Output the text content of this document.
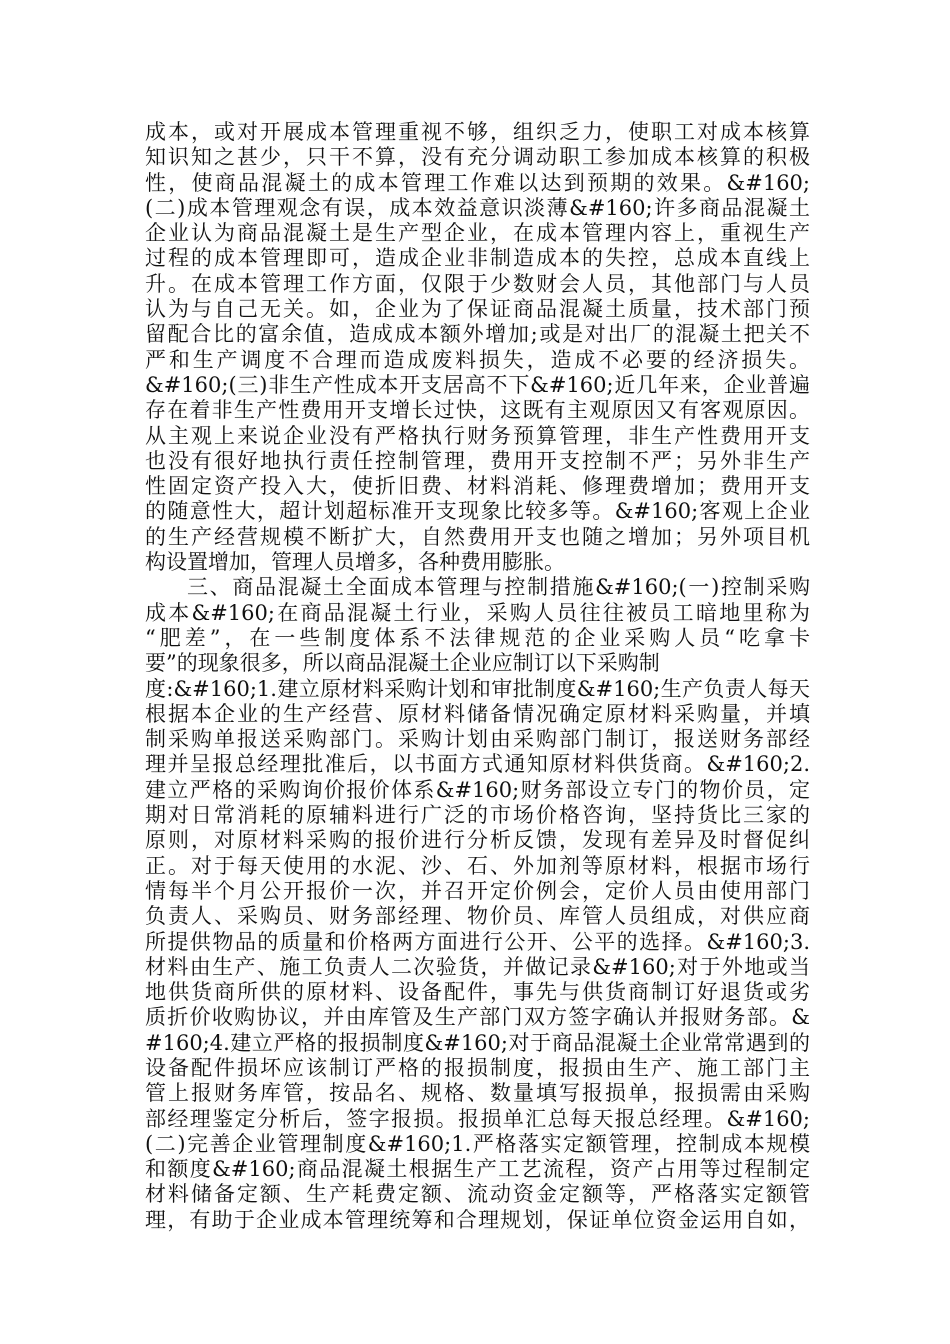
成本，或对开展成本管理重视不够，组织乏力，使职工对成本核算
知识知之甚少，只干不算，没有充分调动职工参加成本核算的积极
性，使商品混凝土的成本管理工作难以达到预期的效果。&#160;
(二)成本管理观念有误，成本效益意识淡薄&#160;许多商品混凝土
企业认为商品混凝土是生产型企业，在成本管理内容上，重视生产
过程的成本管理即可，造成企业非制造成本的失控，总成本直线上
升。在成本管理工作方面，仅限于少数财会人员，其他部门与人员
认为与自己无关。如，企业为了保证商品混凝土质量，技术部门预
留配合比的富余值，造成成本额外增加;或是对出厂的混凝土把关不
严和生产调度不合理而造成废料损失，造成不必要的经济损失。
&#160;(三)非生产性成本开支居高不下&#160;近几年来，企业普遍
存在着非生产性费用开支增长过快，这既有主观原因又有客观原因。
从主观上来说企业没有严格执行财务预算管理，非生产性费用开支
也没有很好地执行责任控制管理，费用开支控制不严；另外非生产
性固定资产投入大，使折旧费、材料消耗、修理费增加；费用开支
的随意性大，超计划超标准开支现象比较多等。&#160;客观上企业
的生产经营规模不断扩大，自然费用开支也随之增加；另外项目机
构设置增加，管理人员增多，各种费用膨胀。
三、商品混凝土全面成本管理与控制措施&#160;(一)控制采购
成本&#160;在商品混凝土行业，采购人员往往被员工暗地里称为
“肥差”，在一些制度体系不法律规范的企业采购人员“吃拿卡
要”的现象很多，所以商品混凝土企业应制订以下采购制
度:&#160;1.建立原材料采购计划和审批制度&#160;生产负责人每天
根据本企业的生产经营、原材料储备情况确定原材料采购量，并填
制采购单报送采购部门。采购计划由采购部门制订，报送财务部经
理并呈报总经理批准后，以书面方式通知原材料供货商。&#160;2.
建立严格的采购询价报价体系&#160;财务部设立专门的物价员，定
期对日常消耗的原辅料进行广泛的市场价格咨询，坚持货比三家的
原则，对原材料采购的报价进行分析反馈，发现有差异及时督促纠
正。对于每天使用的水泥、沙、石、外加剂等原材料，根据市场行
情每半个月公开报价一次，并召开定价例会，定价人员由使用部门
负责人、采购员、财务部经理、物价员、库管人员组成，对供应商
所提供物品的质量和价格两方面进行公开、公平的选择。&#160;3.
材料由生产、施工负责人二次验货，并做记录&#160;对于外地或当
地供货商所供的原材料、设备配件，事先与供货商制订好退货或劣
质折价收购协议，并由库管及生产部门双方签字确认并报财务部。&
#160;4.建立严格的报损制度&#160;对于商品混凝土企业常常遇到的
设备配件损坏应该制订严格的报损制度，报损由生产、施工部门主
管上报财务库管，按品名、规格、数量填写报损单，报损需由采购
部经理鉴定分析后，签字报损。报损单汇总每天报总经理。&#160;
(二)完善企业管理制度&#160;1.严格落实定额管理，控制成本规模
和额度&#160;商品混凝土根据生产工艺流程，资产占用等过程制定
材料储备定额、生产耗费定额、流动资金定额等，严格落实定额管
理，有助于企业成本管理统筹和合理规划，保证单位资金运用自如，
